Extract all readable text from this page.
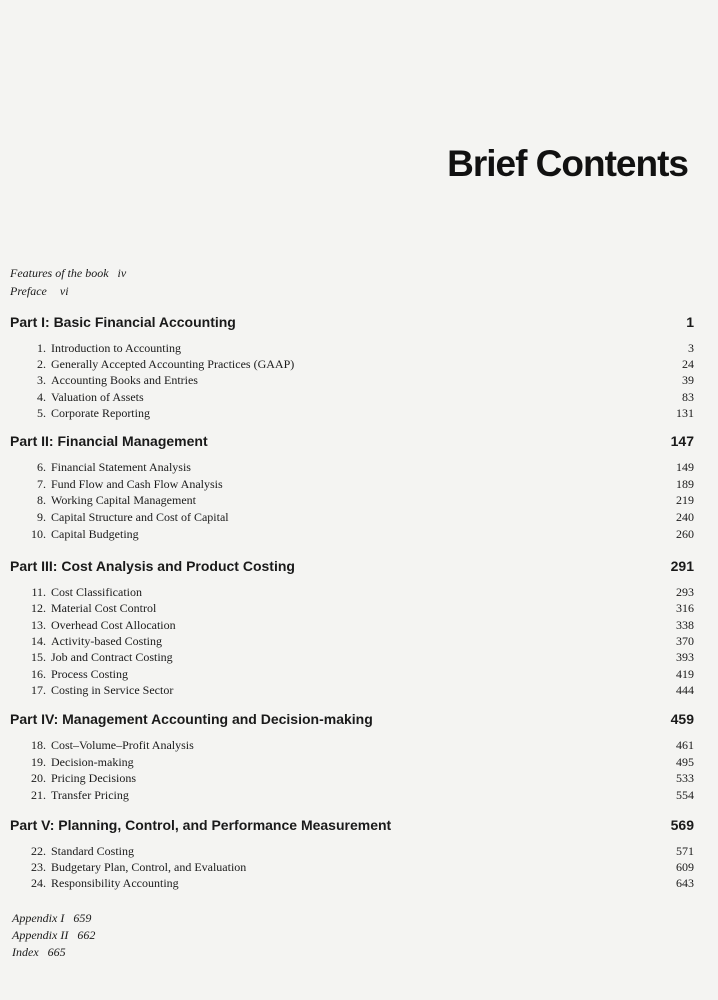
Brief Contents
Features of the book iv
Preface vi
Part I: Basic Financial Accounting	1
1. Introduction to Accounting	3
2. Generally Accepted Accounting Practices (GAAP)	24
3. Accounting Books and Entries	39
4. Valuation of Assets	83
5. Corporate Reporting	131
Part II: Financial Management	147
6. Financial Statement Analysis	149
7. Fund Flow and Cash Flow Analysis	189
8. Working Capital Management	219
9. Capital Structure and Cost of Capital	240
10. Capital Budgeting	260
Part III: Cost Analysis and Product Costing	291
11. Cost Classification	293
12. Material Cost Control	316
13. Overhead Cost Allocation	338
14. Activity-based Costing	370
15. Job and Contract Costing	393
16. Process Costing	419
17. Costing in Service Sector	444
Part IV: Management Accounting and Decision-making	459
18. Cost–Volume–Profit Analysis	461
19. Decision-making	495
20. Pricing Decisions	533
21. Transfer Pricing	554
Part V: Planning, Control, and Performance Measurement	569
22. Standard Costing	571
23. Budgetary Plan, Control, and Evaluation	609
24. Responsibility Accounting	643
Appendix I 659
Appendix II 662
Index 665
